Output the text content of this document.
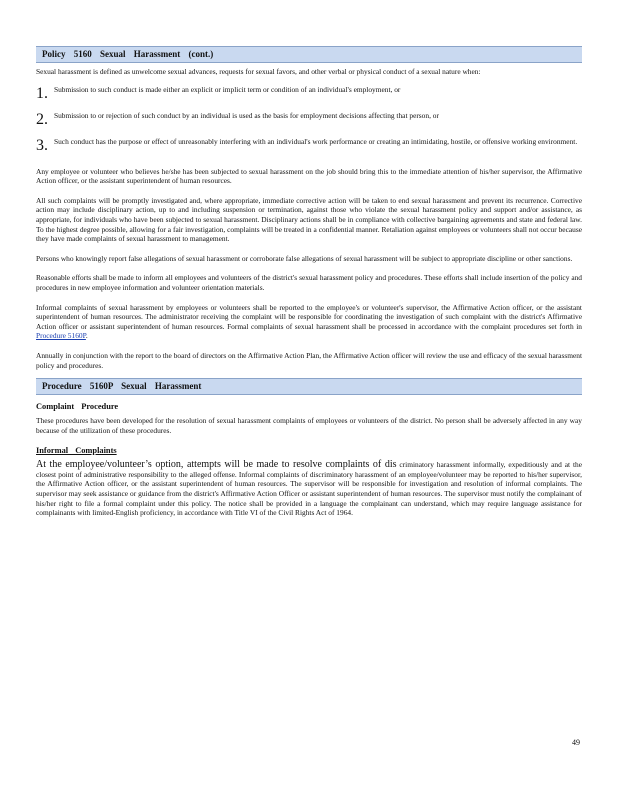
Policy 5160 Sexual Harassment (cont.)

Sexual harassment is defined as unwelcome sexual advances, requests for sexual favors, and other verbal or physical conduct of a sexual nature when:

1. Submission to such conduct is made either an explicit or implicit term or condition of an individual's employment, or

2. Submission to or rejection of such conduct by an individual is used as the basis for employment decisions affecting that person, or

3. Such conduct has the purpose or effect of unreasonably interfering with an individual's work performance or creating an intimidating, hostile, or offensive working environment.

Any employee or volunteer who believes he/she has been subjected to sexual harassment on the job should bring this to the immediate attention of his/her supervisor, the Affirmative Action officer, or the assistant superintendent of human resources.

All such complaints will be promptly investigated and, where appropriate, immediate corrective action will be taken to end sexual harassment and prevent its recurrence. Corrective action may include disciplinary action, up to and including suspension or termination, against those who violate the sexual harassment policy and support and/or assistance, as appropriate, for individuals who have been subjected to sexual harassment. Disciplinary actions shall be in compliance with collective bargaining agreements and state and federal law. To the highest degree possible, allowing for a fair investigation, complaints will be treated in a confidential manner. Retaliation against employees or volunteers shall not occur because they have made complaints of sexual harassment to management.

Persons who knowingly report false allegations of sexual harassment or corroborate false allegations of sexual harassment will be subject to appropriate discipline or other sanctions.

Reasonable efforts shall be made to inform all employees and volunteers of the district's sexual harassment policy and procedures. These efforts shall include insertion of the policy and procedures in new employee information and volunteer orientation materials.

Informal complaints of sexual harassment by employees or volunteers shall be reported to the employee's or volunteer's supervisor, the Affirmative Action officer, or the assistant superintendent of human resources. The administrator receiving the complaint will be responsible for coordinating the investigation of such complaint with the district's Affirmative Action officer or assistant superintendent of human resources. Formal complaints of sexual harassment shall be processed in accordance with the complaint procedures set forth in Procedure 5160P.

Annually in conjunction with the report to the board of directors on the Affirmative Action Plan, the Affirmative Action officer will review the use and efficacy of the sexual harassment policy and procedures.

Procedure 5160P Sexual Harassment
Complaint Procedure

These procedures have been developed for the resolution of sexual harassment complaints of employees or volunteers of the district. No person shall be adversely affected in any way because of the utilization of these procedures.

Informal Complaints

At the employee/volunteer’s option, attempts will be made to resolve complaints of dis criminatory harassment informally, expeditiously and at the closest point of administrative responsibility to the alleged offense. Informal complaints of discriminatory harassment of an employee/volunteer may be reported to his/her supervisor, the Affirmative Action officer, or the assistant superintendent of human resources. The supervisor will be responsible for investigation and resolution of informal complaints. The supervisor may seek assistance or guidance from the district's Affirmative Action Officer or assistant superintendent of human resources. The supervisor must notify the complainant of his/her right to file a formal complaint under this policy. The notice shall be provided in a language the complainant can understand, which may require language assistance for complainants with limited-English proficiency, in accordance with Title VI of the Civil Rights Act of 1964.

49
